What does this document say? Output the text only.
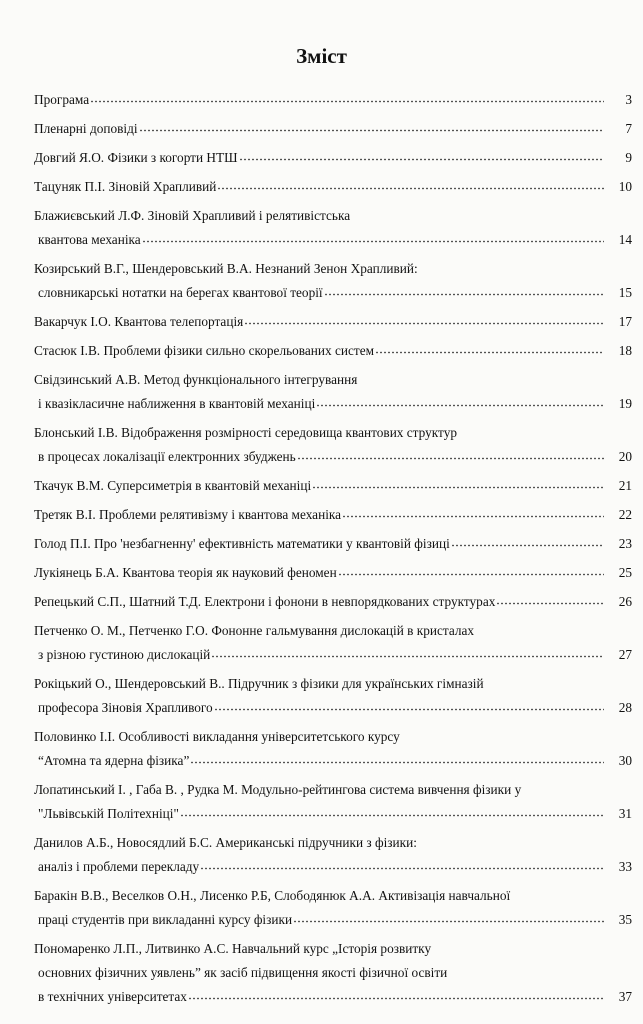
Зміст
Програма	3
Пленарні доповіді	7
Довгий Я.О. Фізики з когорти НТШ	9
Тацуняк П.І. Зіновій Храпливий	10
Блажиєвський Л.Ф. Зіновій Храпливий і релятивістська
квантова механіка	14
Козирський В.Г., Шендеровський В.А. Незнаний Зенон Храпливий:
словникарські нотатки на берегах квантової теорії	15
Вакарчук І.О. Квантова телепортація	17
Стасюк І.В. Проблеми фізики сильно скорельованих систем	18
Свідзинський А.В. Метод функціонального інтегрування
і квазікласичне наближення в квантовій механіці	19
Блонський І.В. Відображення розмірності середовища квантових структур
в процесах локалізації електронних збуджень	20
Ткачук В.М. Суперсиметрія в квантовій механіці	21
Третяк В.І. Проблеми релятивізму і квантова механіка	22
Голод П.І. Про 'незбагненну' ефективність математики у квантовій фізиці	23
Лукіянець Б.А. Квантова теорія як науковий феномен	25
Репецький С.П., Шатний Т.Д. Електрони і фонони в невпорядкованих структурах	26
Петченко О. М., Петченко Г.О. Фононне гальмування дислокацій в кристалах
з різною густиною дислокацій	27
Рокіцький О., Шендеровський В.. Підручник з фізики для українських гімназій
професора Зіновія Храпливого	28
Половинко І.І. Особливості викладання університетського курсу
“Атомна та ядерна фізика”	30
Лопатинський І. , Габа В. , Рудка М. Модульно-рейтингова система вивчення фізики у
"Львівській Політехніці"	31
Данилов А.Б., Новосядлий Б.С. Американські підручники з фізики:
аналіз і проблеми перекладу	33
Баракін В.В., Веселков О.Н., Лисенко Р.Б, Слободянюк А.А. Активізація навчальної
праці студентів при викладанні курсу фізики	35
Пономаренко Л.П., Литвинко А.С. Навчальний курс „Історія розвитку
основних фізичних уявлень” як засіб підвищення якості фізичної освіти
в технічних університетах	37
